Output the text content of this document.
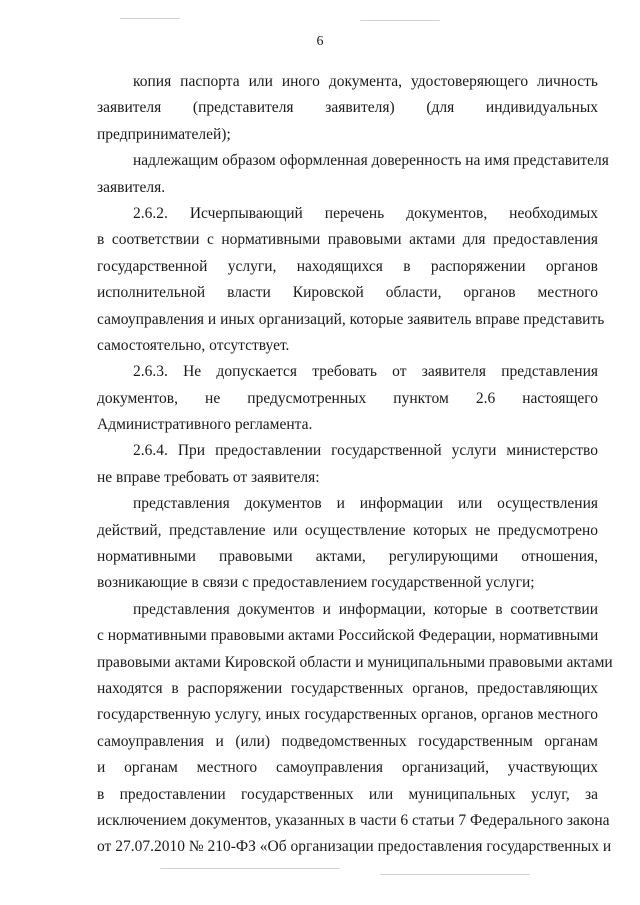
6
копия паспорта или иного документа, удостоверяющего личность
заявителя (представителя заявителя) (для индивидуальных
предпринимателей);
надлежащим образом оформленная доверенность на имя представителя
заявителя.
2.6.2. Исчерпывающий перечень документов, необходимых
в соответствии с нормативными правовыми актами для предоставления
государственной услуги, находящихся в распоряжении органов
исполнительной власти Кировской области, органов местного
самоуправления и иных организаций, которые заявитель вправе представить
самостоятельно, отсутствует.
2.6.3. Не допускается требовать от заявителя представления
документов, не предусмотренных пунктом 2.6 настоящего
Административного регламента.
2.6.4. При предоставлении государственной услуги министерство
не вправе требовать от заявителя:
представления документов и информации или осуществления
действий, представление или осуществление которых не предусмотрено
нормативными правовыми актами, регулирующими отношения,
возникающие в связи с предоставлением государственной услуги;
представления документов и информации, которые в соответствии
с нормативными правовыми актами Российской Федерации, нормативными
правовыми актами Кировской области и муниципальными правовыми актами
находятся в распоряжении государственных органов, предоставляющих
государственную услугу, иных государственных органов, органов местного
самоуправления и (или) подведомственных государственным органам
и органам местного самоуправления организаций, участвующих
в предоставлении государственных или муниципальных услуг, за
исключением документов, указанных в части 6 статьи 7 Федерального закона
от 27.07.2010 № 210-ФЗ «Об организации предоставления государственных и
